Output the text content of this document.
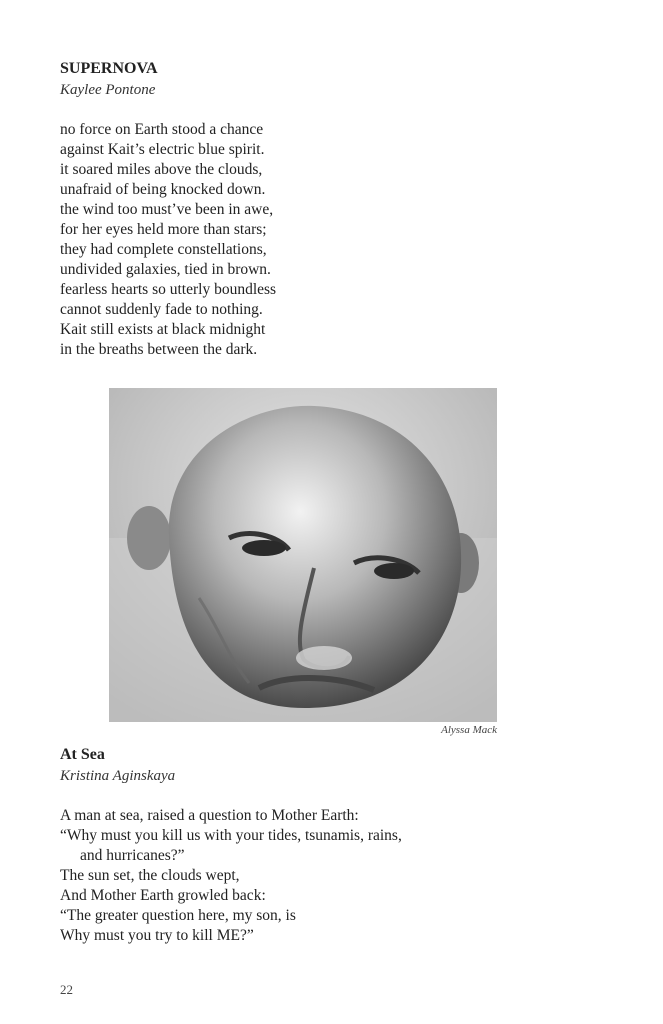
SUPERNOVA

Kaylee Pontone

no force on Earth stood a chance
against Kait’s electric blue spirit.
it soared miles above the clouds,
unafraid of being knocked down.
the wind too must’ve been in awe,
for her eyes held more than stars;
they had complete constellations,
undivided galaxies, tied in brown.
fearless hearts so utterly boundless
cannot suddenly fade to nothing.
Kait still exists at black midnight
in the breaths between the dark.

Alyssa Mack

At Sea

Kristina Aginskaya

A man at sea, raised a question to Mother Earth:
“Why must you kill us with your tides, tsunamis, rains,
and hurricanes?”
The sun set, the clouds wept,
And Mother Earth growled back:
“The greater question here, my son, is
Why must you try to kill ME?”

22
